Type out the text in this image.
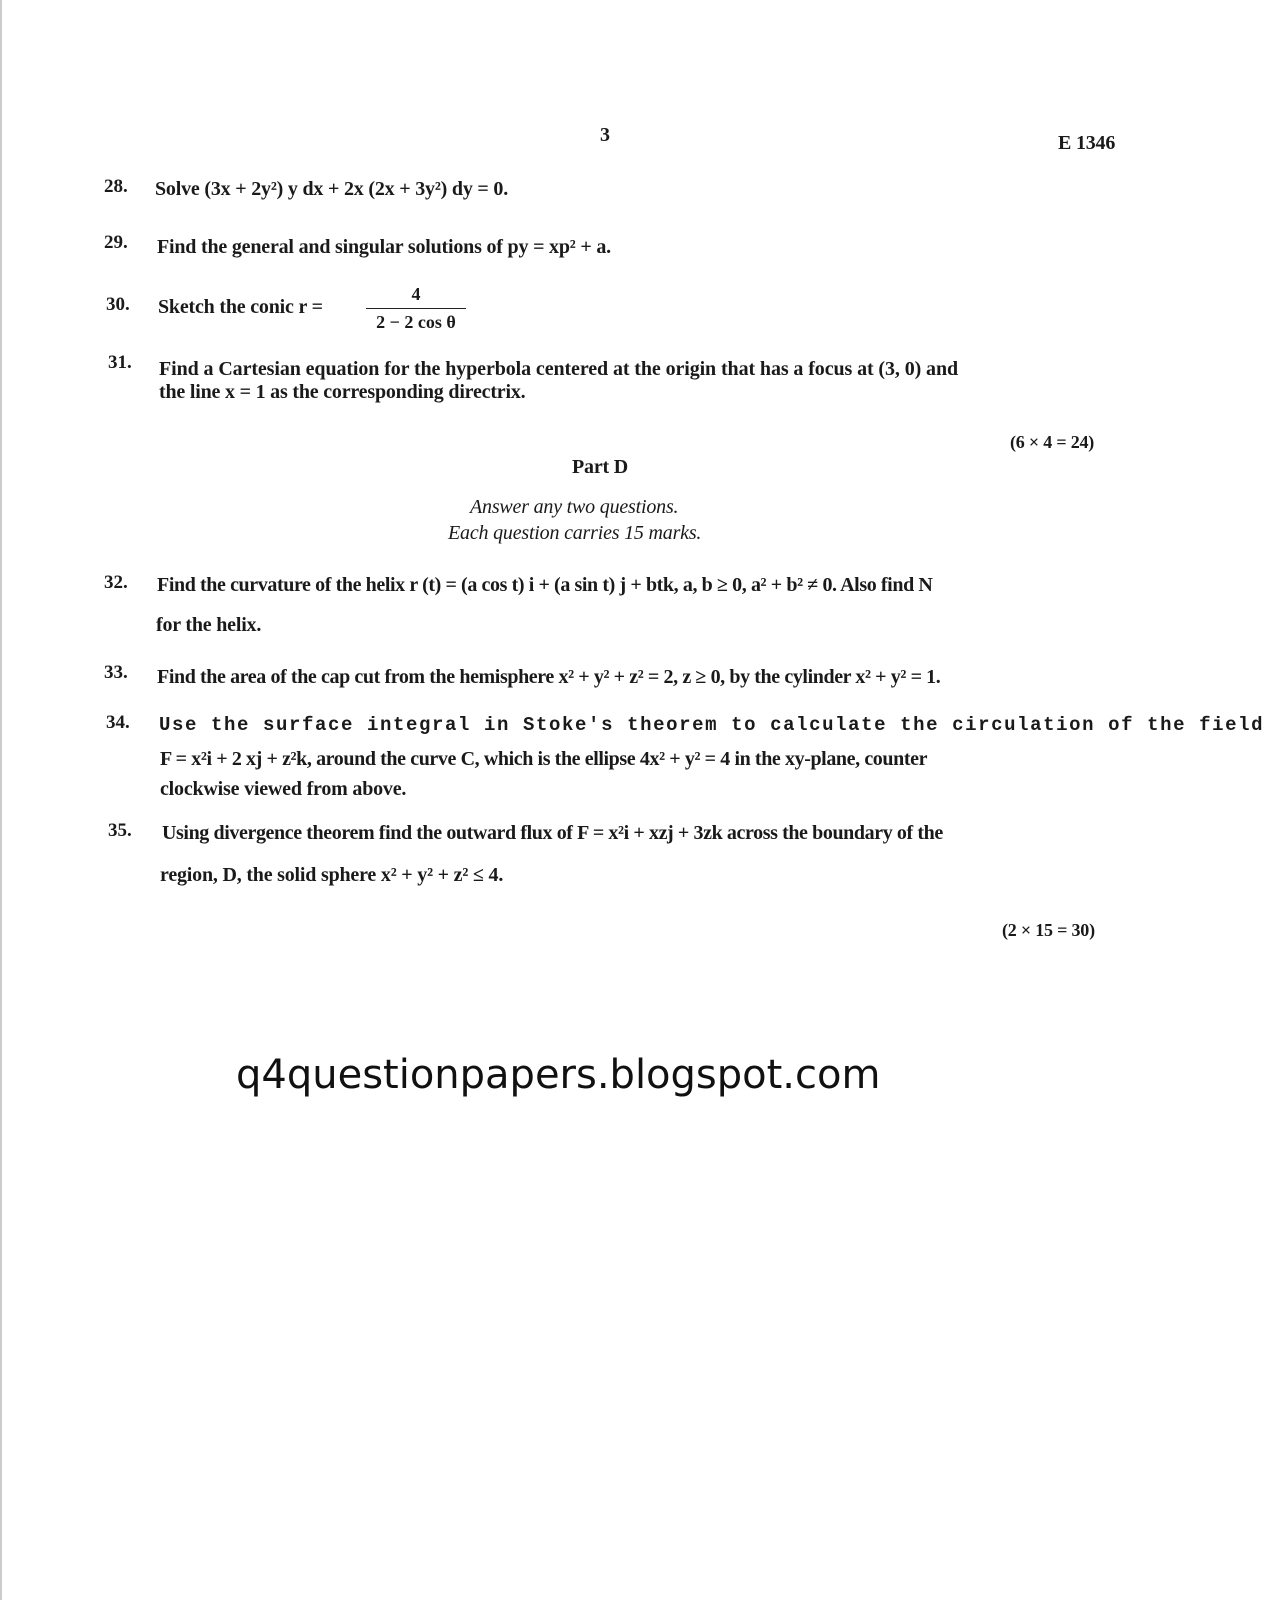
3	E 1346
28. Solve (3x + 2y²) y dx + 2x (2x + 3y²) dy = 0.
29. Find the general and singular solutions of py = xp² + a.
30. Sketch the conic r =
4
2 − 2 cos θ
31. Find a Cartesian equation for the hyperbola centered at the origin that has a focus at (3, 0) and
the line x = 1 as the corresponding directrix.
(6 × 4 = 24)
Part D
Answer any two questions.
Each question carries 15 marks.
32. Find the curvature of the helix r (t) = (a cos t) i + (a sin t) j + btk, a, b ≥ 0, a² + b² ≠ 0. Also find N
for the helix.
33. Find the area of the cap cut from the hemisphere x² + y² + z² = 2, z ≥ 0, by the cylinder x² + y² = 1.
34. Use the surface integral in Stoke's theorem to calculate the circulation of the field
F = x²i + 2 xj + z²k, around the curve C, which is the ellipse 4x² + y² = 4 in the xy-plane, counter
clockwise viewed from above.
35. Using divergence theorem find the outward flux of F = x²i + xzj + 3zk across the boundary of the
region, D, the solid sphere x² + y² + z² ≤ 4.
(2 × 15 = 30)
q4questionpapers.blogspot.com
